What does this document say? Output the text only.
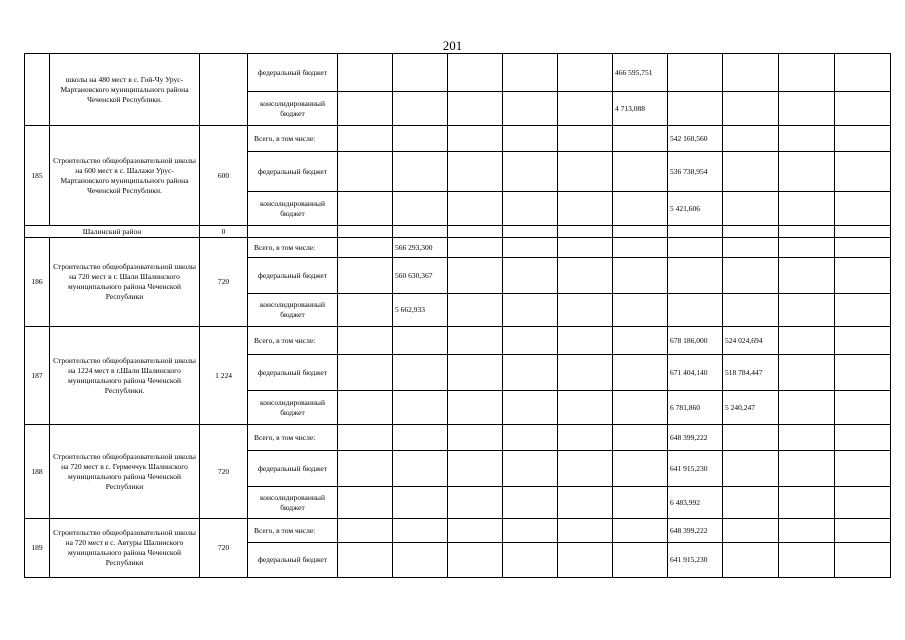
201
	школы на 480 мест в с. Гой-Чу Урус-Мартановского муниципального района Чеченской Республики.		федеральный бюджет						466 595,751				
			консолидированный бюджет						4 713,088				
185	Строительство общеобразовательной школы на 600 мест в с. Шалажи Урус-Мартановского муниципального района Чеченской Республики.	600	Всего, в том числе:							542 160,560			
			федеральный бюджет							536 738,954			
			консолидированный бюджет							5 421,606			
Шалинский район		0											
186	Строительство общеобразовательной школы на 720 мест в г. Шали Шалинского муниципального района Чеченской Республики	720	Всего, в том числе:		566 293,300								
			федеральный бюджет		560 630,367								
			консолидированный бюджет		5 662,933								
187	Строительство общеобразовательной школы на 1224 мест в г.Шали Шалинского муниципального района Чеченской Республики.	1 224	Всего, в том числе:							678 186,000	524 024,694		
			федеральный бюджет							671 404,140	518 784,447		
			консолидированный бюджет							6 781,860	5 240,247		
188	Строительство общеобразовательной школы на 720 мест в с. Гермеччук Шалинского муниципального района Чеченской Республики	720	Всего, в том числе:							648 399,222			
			федеральный бюджет							641 915,230			
			консолидированный бюджет							6 483,992			
189	Строительство общеобразовательной школы на 720 мест в с. Автуры Шалинского муниципального района Чеченской Республики	720	Всего, в том числе:							648 399,222			
			федеральный бюджет							641 915,230			
